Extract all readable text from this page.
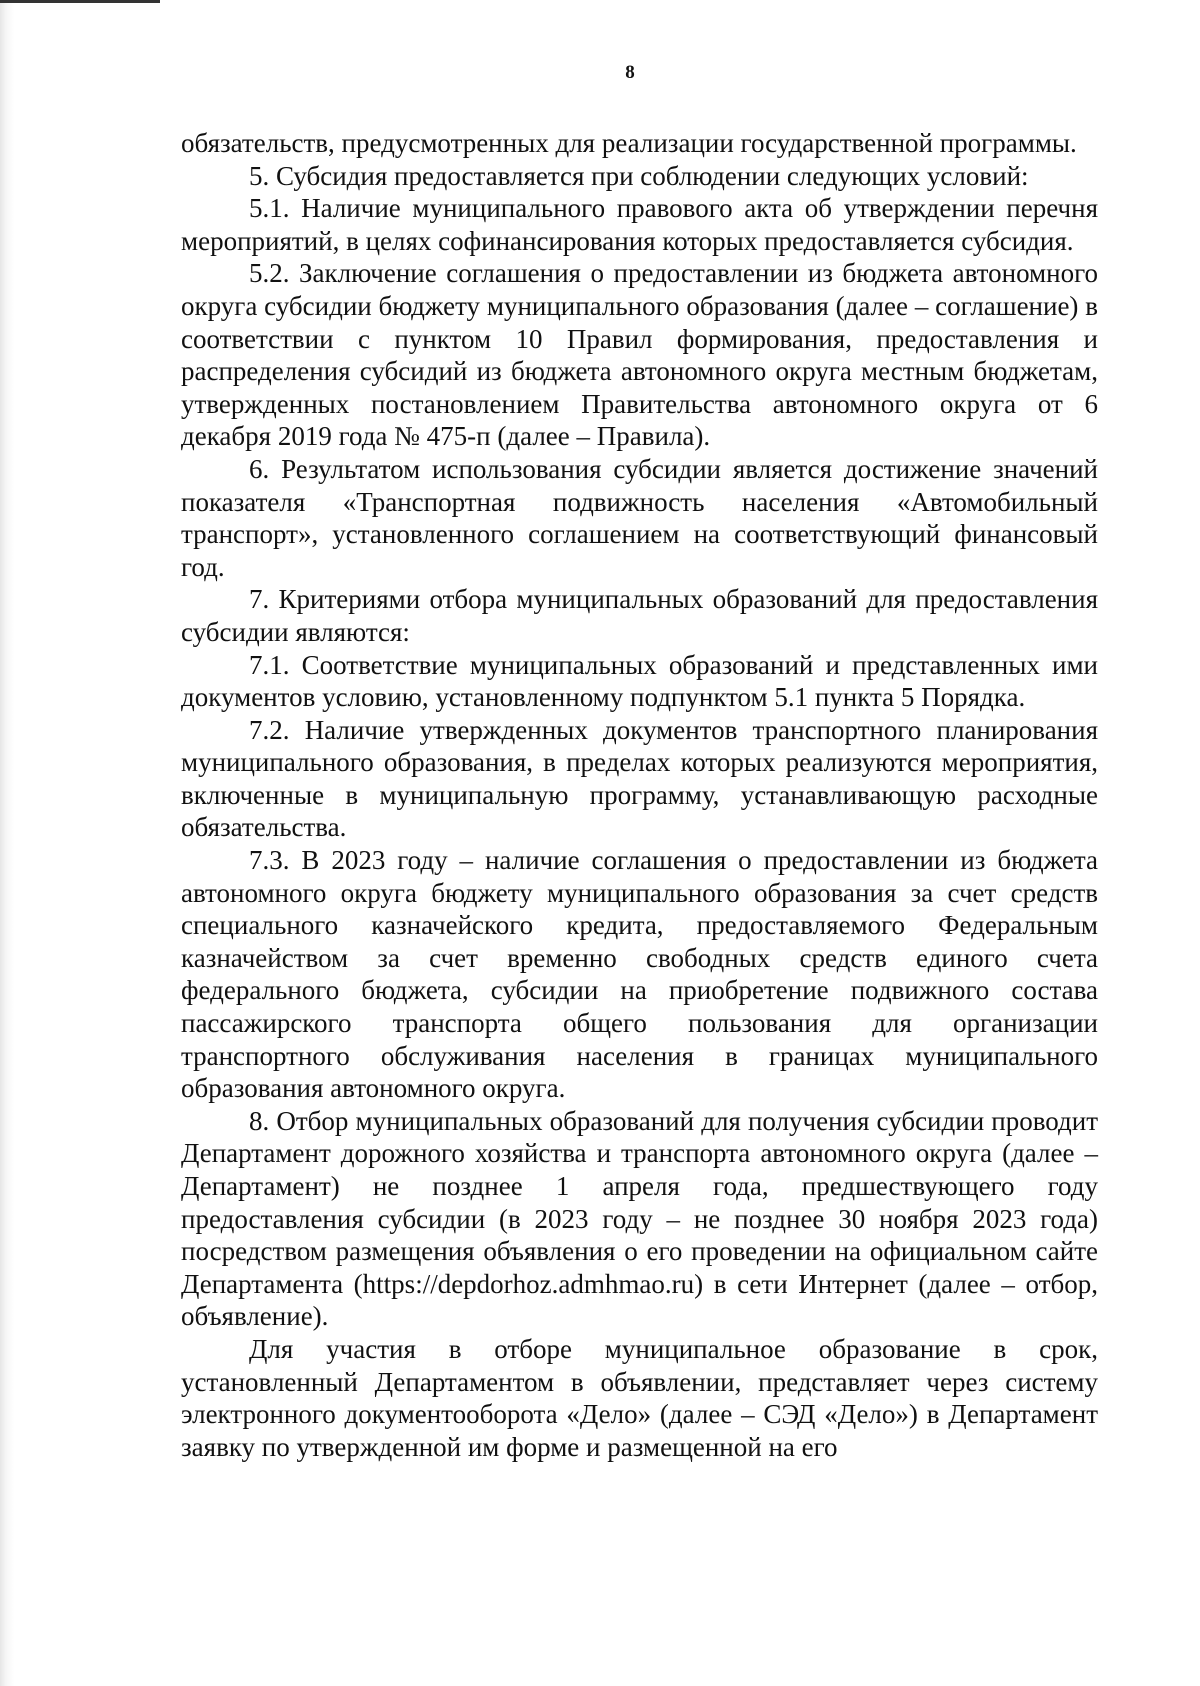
8

обязательств, предусмотренных для реализации государственной программы.

5. Субсидия предоставляется при соблюдении следующих условий:

5.1. Наличие муниципального правового акта об утверждении перечня мероприятий, в целях софинансирования которых предоставляется субсидия.

5.2. Заключение соглашения о предоставлении из бюджета автономного округа субсидии бюджету муниципального образования (далее – соглашение) в соответствии с пунктом 10 Правил формирования, предоставления и распределения субсидий из бюджета автономного округа местным бюджетам, утвержденных постановлением Правительства автономного округа от 6 декабря 2019 года № 475-п (далее – Правила).

6. Результатом использования субсидии является достижение значений показателя «Транспортная подвижность населения «Автомобильный транспорт», установленного соглашением на соответствующий финансовый год.

7. Критериями отбора муниципальных образований для предоставления субсидии являются:

7.1. Соответствие муниципальных образований и представленных ими документов условию, установленному подпунктом 5.1 пункта 5 Порядка.

7.2. Наличие утвержденных документов транспортного планирования муниципального образования, в пределах которых реализуются мероприятия, включенные в муниципальную программу, устанавливающую расходные обязательства.

7.3. В 2023 году – наличие соглашения о предоставлении из бюджета автономного округа бюджету муниципального образования за счет средств специального казначейского кредита, предоставляемого Федеральным казначейством за счет временно свободных средств единого счета федерального бюджета, субсидии на приобретение подвижного состава пассажирского транспорта общего пользования для организации транспортного обслуживания населения в границах муниципального образования автономного округа.

8. Отбор муниципальных образований для получения субсидии проводит Департамент дорожного хозяйства и транспорта автономного округа (далее – Департамент) не позднее 1 апреля года, предшествующего году предоставления субсидии (в 2023 году – не позднее 30 ноября 2023 года) посредством размещения объявления о его проведении на официальном сайте Департамента (https://depdorhoz.admhmao.ru) в сети Интернет (далее – отбор, объявление).

Для участия в отборе муниципальное образование в срок, установленный Департаментом в объявлении, представляет через систему электронного документооборота «Дело» (далее – СЭД «Дело») в Департамент заявку по утвержденной им форме и размещенной на его
